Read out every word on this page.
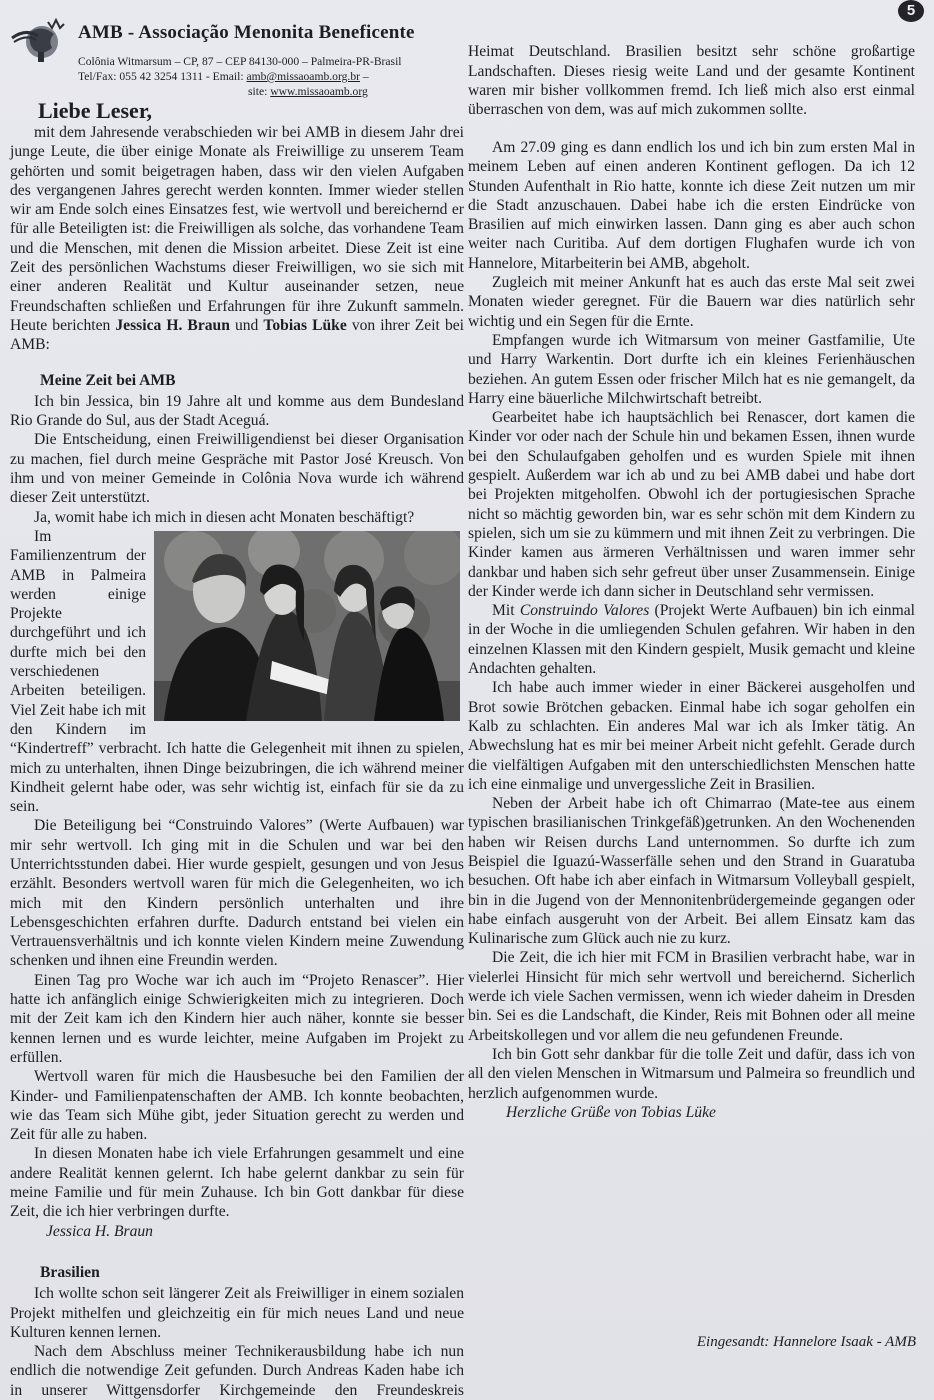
5
AMB - Associação Menonita Beneficente
Colônia Witmarsum – CP, 87 – CEP 84130-000 – Palmeira-PR-Brasil
Tel/Fax: 055 42 3254 1311 - Email: amb@missaoamb.org.br –
site: www.missaoamb.org
Liebe Leser,

mit dem Jahresende verabschieden wir bei AMB in diesem Jahr drei junge Leute, die über einige Monate als Freiwillige zu unserem Team gehörten und somit beigetragen haben, dass wir den vielen Aufgaben des vergangenen Jahres gerecht werden konnten. Immer wieder stellen wir am Ende solch eines Einsatzes fest, wie wertvoll und bereichernd er für alle Beteiligten ist: die Freiwilligen als solche, das vorhandene Team und die Menschen, mit denen die Mission arbeitet. Diese Zeit ist eine Zeit des persönlichen Wachstums dieser Freiwilligen, wo sie sich mit einer anderen Realität und Kultur auseinander setzen, neue Freundschaften schließen und Erfahrungen für ihre Zukunft sammeln. Heute berichten Jessica H. Braun und Tobias Lüke von ihrer Zeit bei AMB:

Meine Zeit bei AMB

Ich bin Jessica, bin 19 Jahre alt und komme aus dem Bundesland Rio Grande do Sul, aus der Stadt Aceguá.

Die Entscheidung, einen Freiwilligendienst bei dieser Organisation zu machen, fiel durch meine Gespräche mit Pastor José Kreusch. Von ihm und von meiner Gemeinde in Colônia Nova wurde ich während dieser Zeit unterstützt.

Ja, womit habe ich mich in diesen acht Monaten beschäftigt?

Im Familienzentrum der AMB in Palmeira werden einige Projekte durchgeführt und ich durfte mich bei den verschiedenen Arbeiten beteiligen. Viel Zeit habe ich mit den Kindern im “Kindertreff” verbracht. Ich hatte die Gelegenheit mit ihnen zu spielen, mich zu unterhalten, ihnen Dinge beizubringen, die ich während meiner Kindheit gelernt habe oder, was sehr wichtig ist, einfach für sie da zu sein.

Die Beteiligung bei “Construindo Valores” (Werte Aufbauen) war mir sehr wertvoll. Ich ging mit in die Schulen und war bei den Unterrichtsstunden dabei. Hier wurde gespielt, gesungen und von Jesus erzählt. Besonders wertvoll waren für mich die Gelegenheiten, wo ich mich mit den Kindern persönlich unterhalten und ihre Lebensgeschichten erfahren durfte. Dadurch entstand bei vielen ein Vertrauensverhältnis und ich konnte vielen Kindern meine Zuwendung schenken und ihnen eine Freundin werden.

Einen Tag pro Woche war ich auch im “Projeto Renascer”. Hier hatte ich anfänglich einige Schwierigkeiten mich zu integrieren. Doch mit der Zeit kam ich den Kindern hier auch näher, konnte sie besser kennen lernen und es wurde leichter, meine Aufgaben im Projekt zu erfüllen.

Wertvoll waren für mich die Hausbesuche bei den Familien der Kinder- und Familienpatenschaften der AMB. Ich konnte beobachten, wie das Team sich Mühe gibt, jeder Situation gerecht zu werden und Zeit für alle zu haben.

In diesen Monaten habe ich viele Erfahrungen gesammelt und eine andere Realität kennen gelernt. Ich habe gelernt dankbar zu sein für meine Familie und für mein Zuhause. Ich bin Gott dankbar für diese Zeit, die ich hier verbringen durfte.

Jessica H. Braun

Brasilien

Ich wollte schon seit längerer Zeit als Freiwilliger in einem sozialen Projekt mithelfen und gleichzeitig ein für mich neues Land und neue Kulturen kennen lernen.

Nach dem Abschluss meiner Technikerausbildung habe ich nun endlich die notwendige Zeit gefunden. Durch Andreas Kaden habe ich in unserer Wittgensdorfer Kirchgemeinde den Freundeskreis

Heimat Deutschland. Brasilien besitzt sehr schöne großartige Landschaften. Dieses riesig weite Land und der gesamte Kontinent waren mir bisher vollkommen fremd. Ich ließ mich also erst einmal überraschen von dem, was auf mich zukommen sollte.

Am 27.09 ging es dann endlich los und ich bin zum ersten Mal in meinem Leben auf einen anderen Kontinent geflogen. Da ich 12 Stunden Aufenthalt in Rio hatte, konnte ich diese Zeit nutzen um mir die Stadt anzuschauen. Dabei habe ich die ersten Eindrücke von Brasilien auf mich einwirken lassen. Dann ging es aber auch schon weiter nach Curitiba. Auf dem dortigen Flughafen wurde ich von Hannelore, Mitarbeiterin bei AMB, abgeholt.

Zugleich mit meiner Ankunft hat es auch das erste Mal seit zwei Monaten wieder geregnet. Für die Bauern war dies natürlich sehr wichtig und ein Segen für die Ernte.

Empfangen wurde ich Witmarsum von meiner Gastfamilie, Ute und Harry Warkentin. Dort durfte ich ein kleines Ferienhäuschen beziehen. An gutem Essen oder frischer Milch hat es nie gemangelt, da Harry eine bäuerliche Milchwirtschaft betreibt.

Gearbeitet habe ich hauptsächlich bei Renascer, dort kamen die Kinder vor oder nach der Schule hin und bekamen Essen, ihnen wurde bei den Schulaufgaben geholfen und es wurden Spiele mit ihnen gespielt. Außerdem war ich ab und zu bei AMB dabei und habe dort bei Projekten mitgeholfen. Obwohl ich der portugiesischen Sprache nicht so mächtig geworden bin, war es sehr schön mit dem Kindern zu spielen, sich um sie zu kümmern und mit ihnen Zeit zu verbringen. Die Kinder kamen aus ärmeren Verhältnissen und waren immer sehr dankbar und haben sich sehr gefreut über unser Zusammensein. Einige der Kinder werde ich dann sicher in Deutschland sehr vermissen.

Mit Construindo Valores (Projekt Werte Aufbauen) bin ich einmal in der Woche in die umliegenden Schulen gefahren. Wir haben in den einzelnen Klassen mit den Kindern gespielt, Musik gemacht und kleine Andachten gehalten.

Ich habe auch immer wieder in einer Bäckerei ausgeholfen und Brot sowie Brötchen gebacken. Einmal habe ich sogar geholfen ein Kalb zu schlachten. Ein anderes Mal war ich als Imker tätig. An Abwechslung hat es mir bei meiner Arbeit nicht gefehlt. Gerade durch die vielfältigen Aufgaben mit den unterschiedlichsten Menschen hatte ich eine einmalige und unvergessliche Zeit in Brasilien.

Neben der Arbeit habe ich oft Chimarrao (Mate-tee aus einem typischen brasilianischen Trinkgefäß)getrunken. An den Wochenenden haben wir Reisen durchs Land unternommen. So durfte ich zum Beispiel die Iguazú-Wasserfälle sehen und den Strand in Guaratuba besuchen. Oft habe ich aber einfach in Witmarsum Volleyball gespielt, bin in die Jugend von der Mennonitenbrüdergemeinde gegangen oder habe einfach ausgeruht von der Arbeit. Bei allem Einsatz kam das Kulinarische zum Glück auch nie zu kurz.

Die Zeit, die ich hier mit FCM in Brasilien verbracht habe, war in vielerlei Hinsicht für mich sehr wertvoll und bereichernd. Sicherlich werde ich viele Sachen vermissen, wenn ich wieder daheim in Dresden bin. Sei es die Landschaft, die Kinder, Reis mit Bohnen oder all meine Arbeitskollegen und vor allem die neu gefundenen Freunde.

Ich bin Gott sehr dankbar für die tolle Zeit und dafür, dass ich von all den vielen Menschen in Witmarsum und Palmeira so freundlich und herzlich aufgenommen wurde.

Herzliche Grüße von Tobias Lüke

Eingesandt: Hannelore Isaak - AMB
